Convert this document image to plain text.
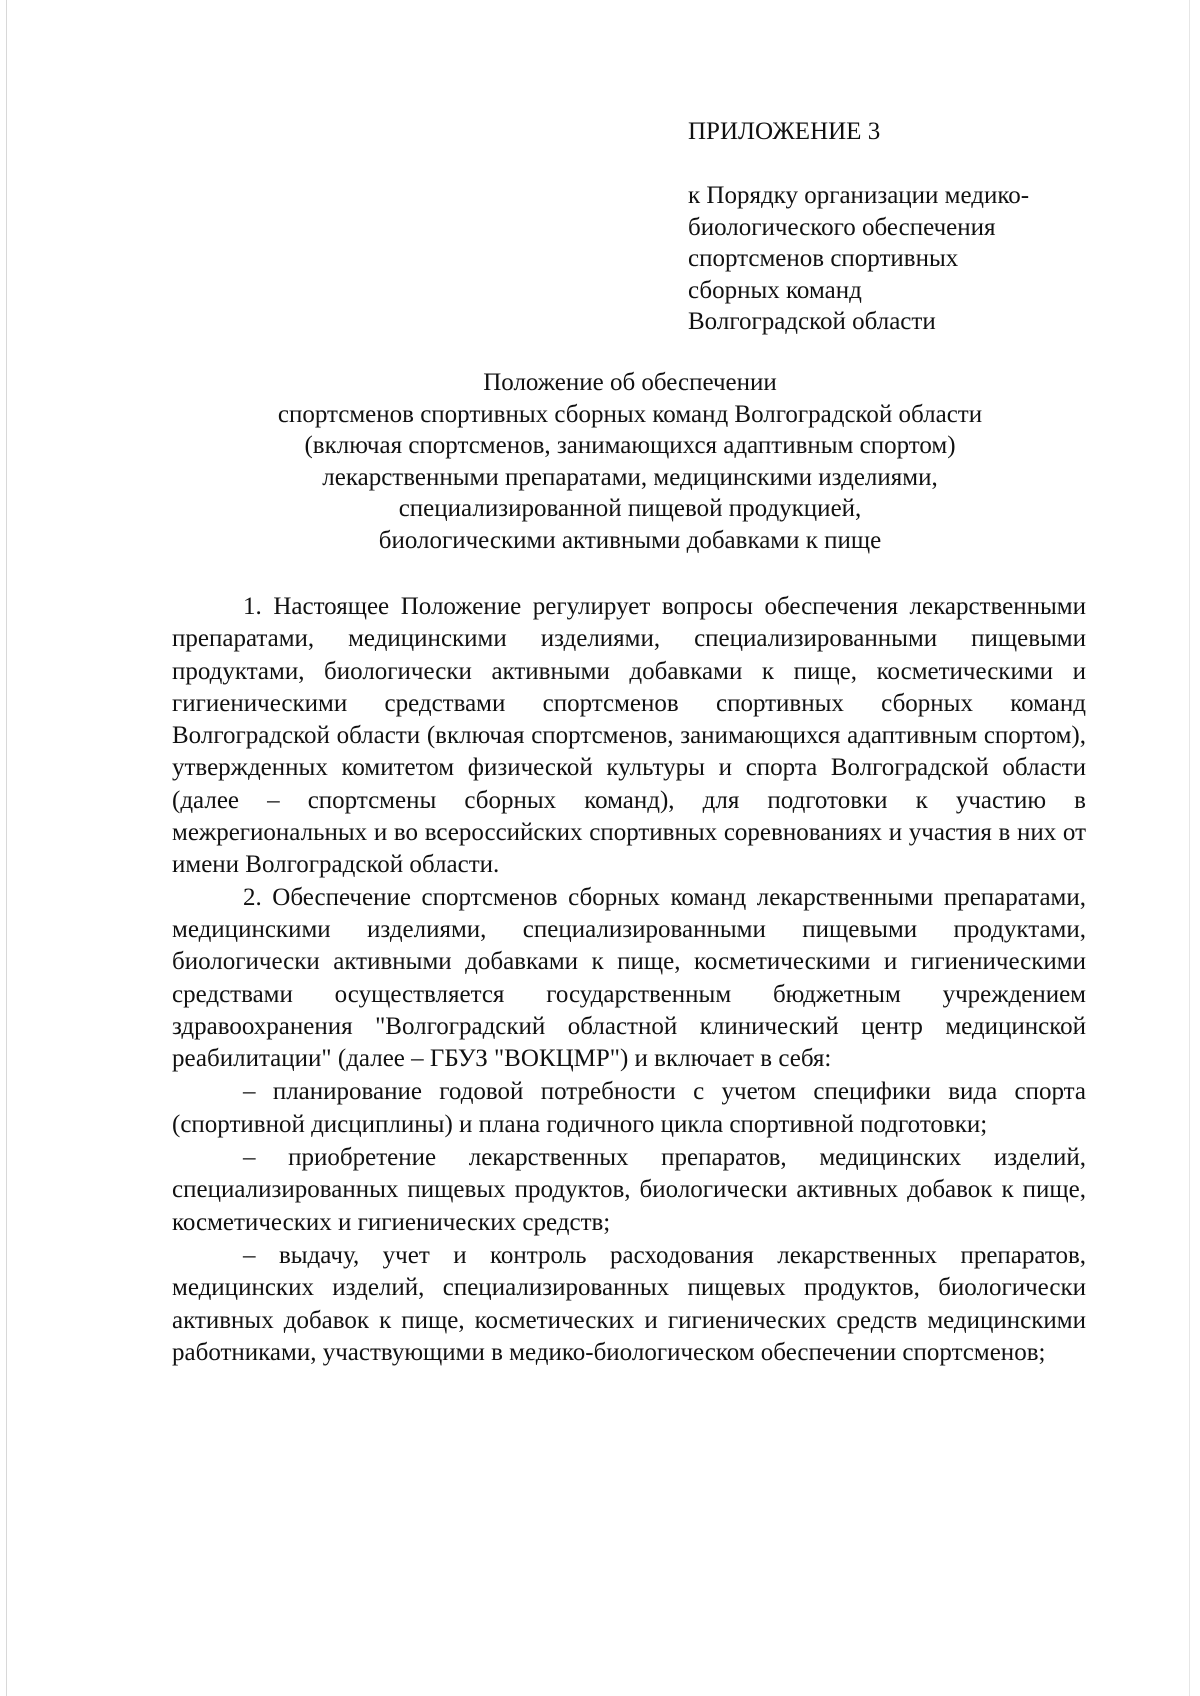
ПРИЛОЖЕНИЕ 3
к Порядку организации медико-
биологического обеспечения
спортсменов спортивных
сборных команд
Волгоградской области
Положение об обеспечении
спортсменов спортивных сборных команд Волгоградской области
(включая спортсменов, занимающихся адаптивным спортом)
лекарственными препаратами, медицинскими изделиями,
специализированной пищевой продукцией,
биологическими активными добавками к пище

1. Настоящее Положение регулирует вопросы обеспечения лекарственными препаратами, медицинскими изделиями, специализированными пищевыми продуктами, биологически активными добавками к пище, косметическими и гигиеническими средствами спортсменов спортивных сборных команд Волгоградской области (включая спортсменов, занимающихся адаптивным спортом), утвержденных комитетом физической культуры и спорта Волгоградской области (далее – спортсмены сборных команд), для подготовки к участию в межрегиональных и во всероссийских спортивных соревнованиях и участия в них от имени Волгоградской области.

2. Обеспечение спортсменов сборных команд лекарственными препаратами, медицинскими изделиями, специализированными пищевыми продуктами, биологически активными добавками к пище, косметическими и гигиеническими средствами осуществляется государственным бюджетным учреждением здравоохранения "Волгоградский областной клинический центр медицинской реабилитации" (далее – ГБУЗ "ВОКЦМР") и включает в себя:

– планирование годовой потребности с учетом специфики вида спорта (спортивной дисциплины) и плана годичного цикла спортивной подготовки;

– приобретение лекарственных препаратов, медицинских изделий, специализированных пищевых продуктов, биологически активных добавок к пище, косметических и гигиенических средств;

– выдачу, учет и контроль расходования лекарственных препаратов, медицинских изделий, специализированных пищевых продуктов, биологически активных добавок к пище, косметических и гигиенических средств медицинскими работниками, участвующими в медико-биологическом обеспечении спортсменов;
